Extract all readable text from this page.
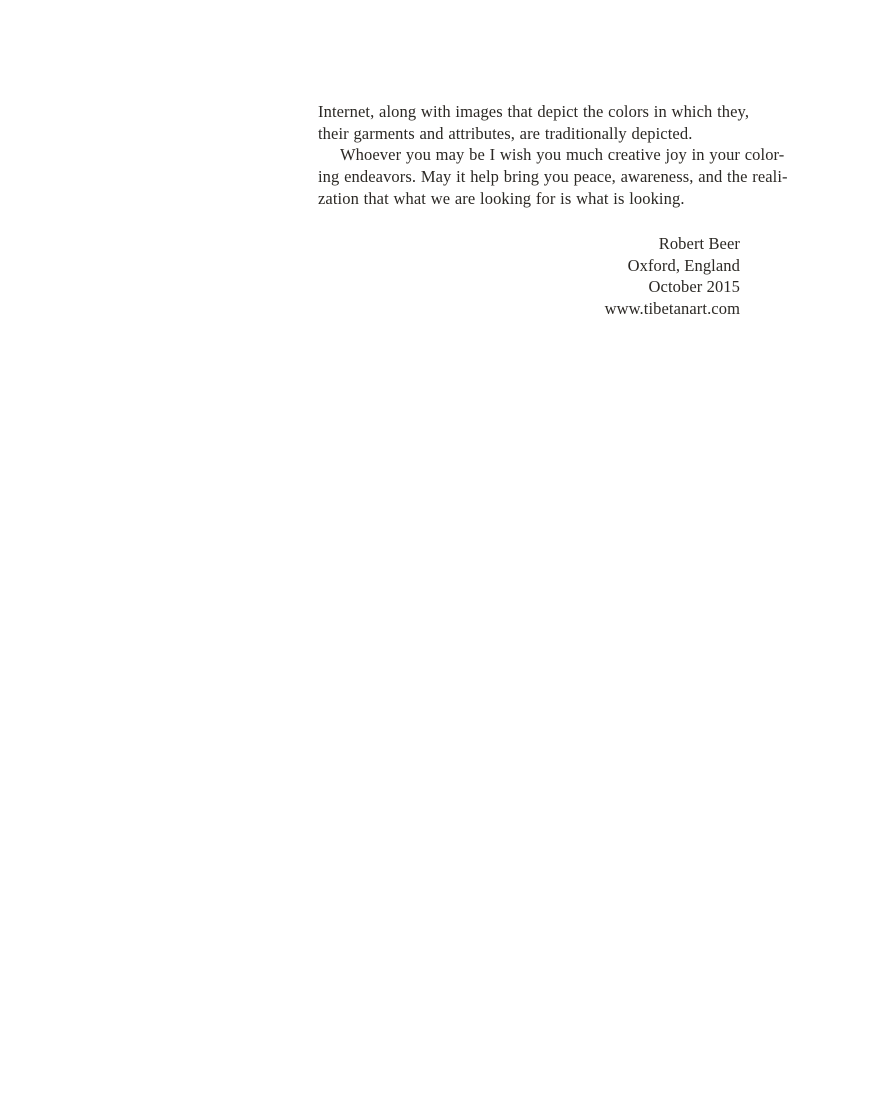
Internet, along with images that depict the colors in which they,
their garments and attributes, are traditionally depicted.
Whoever you may be I wish you much creative joy in your color-
ing endeavors. May it help bring you peace, awareness, and the reali-
zation that what we are looking for is what is looking.
Robert Beer
Oxford, England
October 2015
www.tibetanart.com
